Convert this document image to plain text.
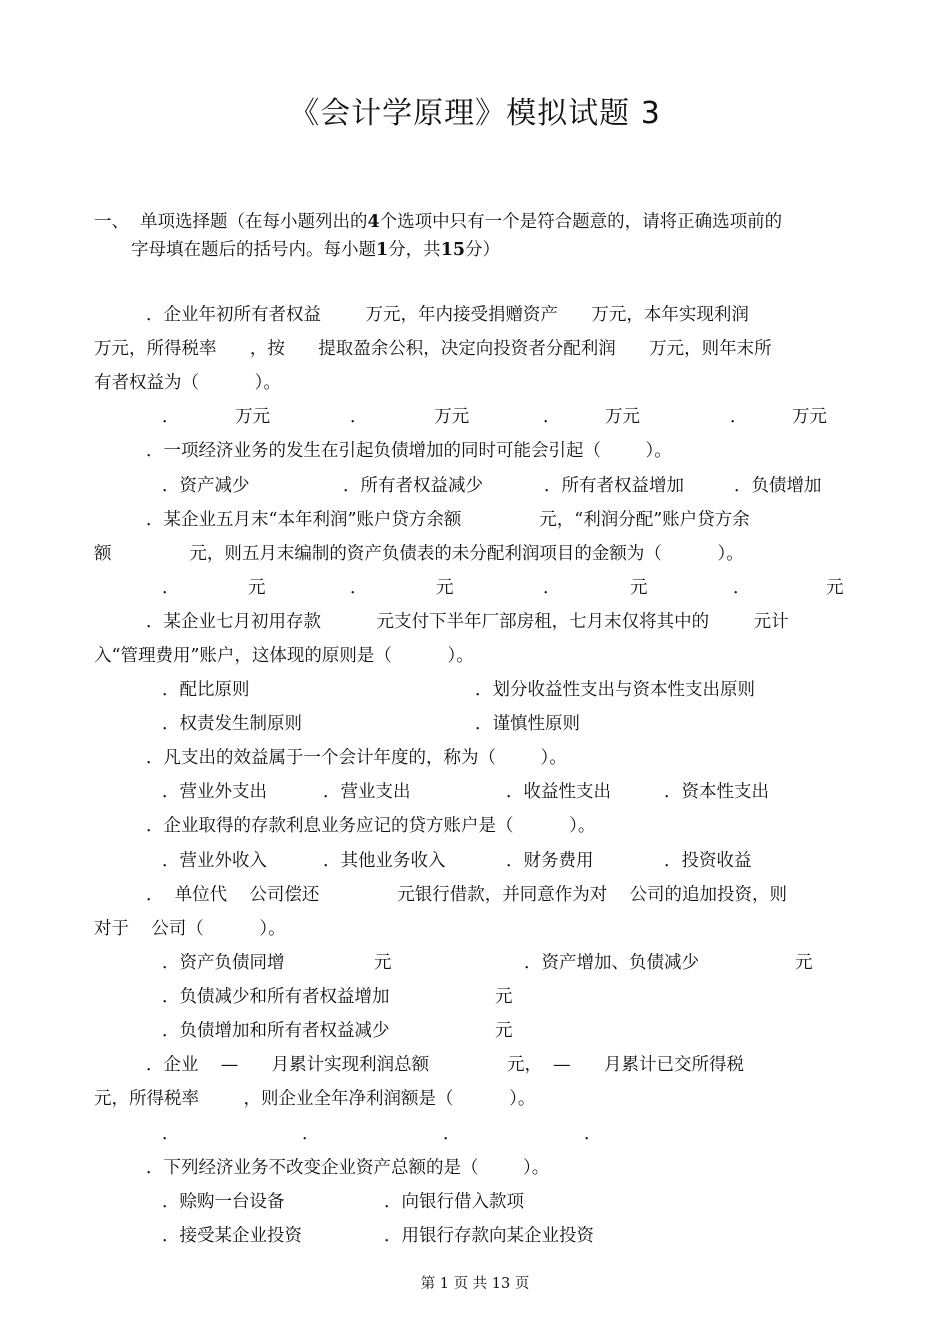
《会计学原理》模拟试题 3
一、 单项选择题（在每小题列出的4个选项中只有一个是符合题意的，请将正确选项前的
字母填在题后的括号内。每小题1分，共15分）
．企业年初所有者权益        万元，年内接受捐赠资产      万元，本年实现利润
万元，所得税率      ，按      提取盈余公积，决定向投资者分配利润      万元，则年末所
有者权益为（          ）。
．          万元	．            万元	．        万元	．        万元
．一项经济业务的发生在引起负债增加的同时可能会引起（        ）。
．资产减少	．所有者权益减少	．所有者权益增加	．负债增加
．某企业五月末“本年利润”账户贷方余额              元，“利润分配”账户贷方余
额              元，则五月末编制的资产负债表的未分配利润项目的金额为（          ）。
．	元	．	元	．	元	．	元
．某企业七月初用存款          元支付下半年厂部房租，七月末仅将其中的        元计
入“管理费用”账户，这体现的原则是（          ）。
．配比原则	．划分收益性支出与资本性支出原则
．权责发生制原则	．谨慎性原则
．凡支出的效益属于一个会计年度的，称为（        ）。
．营业外支出	．营业支出	．收益性支出	．资本性支出
．企业取得的存款利息业务应记的贷方账户是（          ）。
．营业外收入	．其他业务收入	．财务费用	．投资收益
．  单位代    公司偿还              元银行借款，并同意作为对    公司的追加投资，则
对于    公司（          ）。
．资产负债同增	元	．资产增加、负债减少	元
．负债减少和所有者权益增加	元
．负债增加和所有者权益减少	元
．企业    —      月累计实现利润总额              元，  —      月累计已交所得税
元，所得税率        ，则企业全年净利润额是（          ）。
．	．	．	．
．下列经济业务不改变企业资产总额的是（        ）。
．赊购一台设备	．向银行借入款项
．接受某企业投资	．用银行存款向某企业投资
第 1 页 共 13 页
